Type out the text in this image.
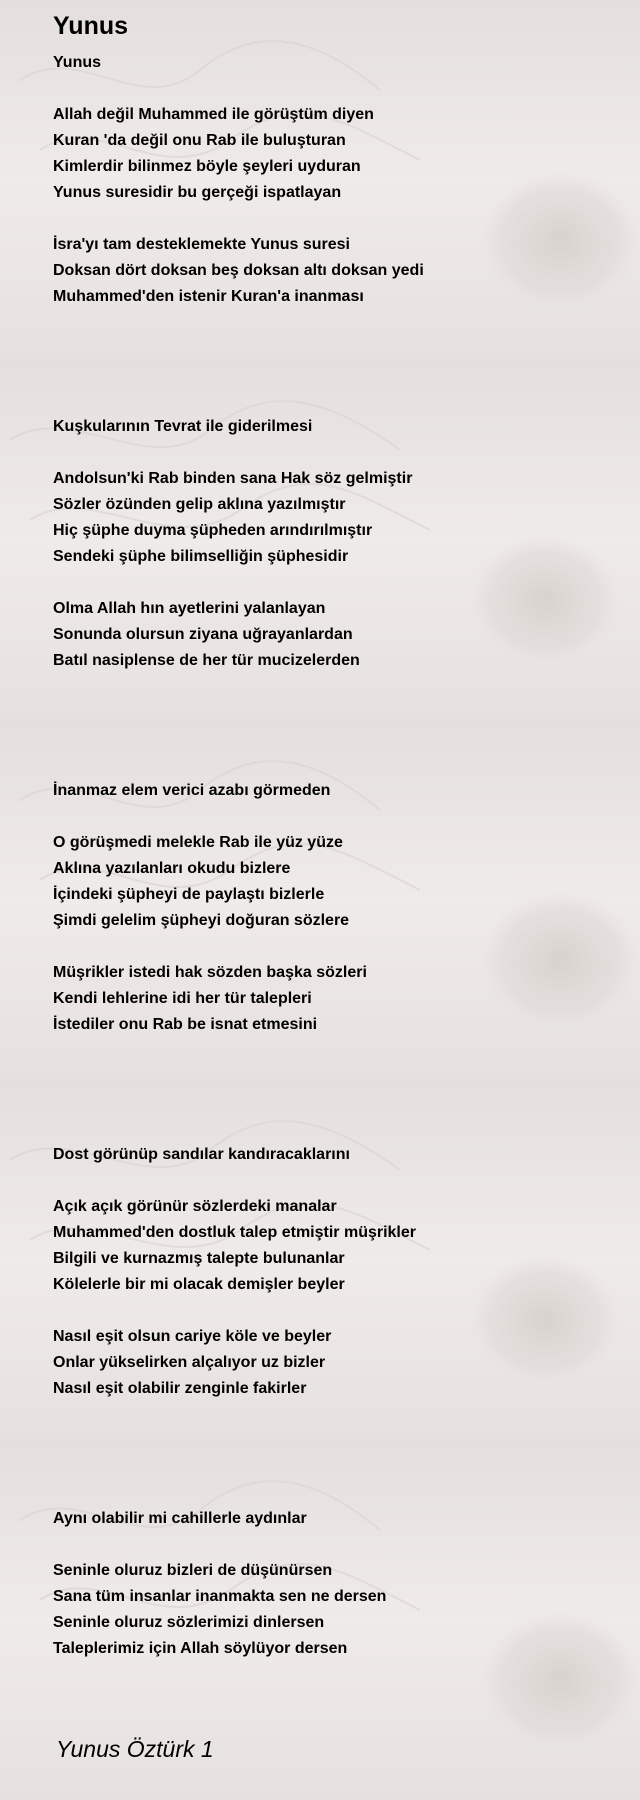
Yunus
Yunus
Allah değil Muhammed ile görüştüm diyen
Kuran 'da değil onu Rab ile buluşturan
Kimlerdir bilinmez böyle şeyleri uyduran
Yunus suresidir bu gerçeği ispatlayan
İsra'yı tam desteklemekte Yunus suresi
Doksan dört doksan beş doksan altı doksan yedi
Muhammed'den istenir Kuran'a inanması
Kuşkularının Tevrat ile giderilmesi
Andolsun'ki Rab binden sana Hak söz gelmiştir
Sözler özünden gelip aklına yazılmıştır
Hiç şüphe duyma şüpheden arındırılmıştır
Sendeki şüphe bilimselliğin şüphesidir
Olma Allah hın ayetlerini yalanlayan
Sonunda olursun ziyana uğrayanlardan
Batıl nasiplense de her tür mucizelerden
İnanmaz elem verici azabı görmeden
O görüşmedi melekle Rab ile yüz yüze
Aklına yazılanları okudu bizlere
İçindeki şüpheyi de paylaştı bizlerle
Şimdi gelelim şüpheyi doğuran sözlere
Müşrikler istedi hak sözden başka sözleri
Kendi lehlerine idi her tür talepleri
İstediler onu Rab be isnat etmesini
Dost görünüp sandılar kandıracaklarını
Açık açık görünür sözlerdeki manalar
Muhammed'den dostluk talep etmiştir müşrikler
Bilgili ve kurnazmış talepte bulunanlar
Kölelerle bir mi olacak demişler beyler
Nasıl eşit olsun cariye köle ve beyler
Onlar yükselirken alçalıyor uz bizler
Nasıl eşit olabilir zenginle fakirler
Aynı olabilir mi cahillerle aydınlar
Seninle oluruz bizleri de düşünürsen
Sana tüm insanlar inanmakta sen ne dersen
Seninle oluruz sözlerimizi dinlersen
Taleplerimiz için Allah söylüyor dersen
Yunus Öztürk 1
